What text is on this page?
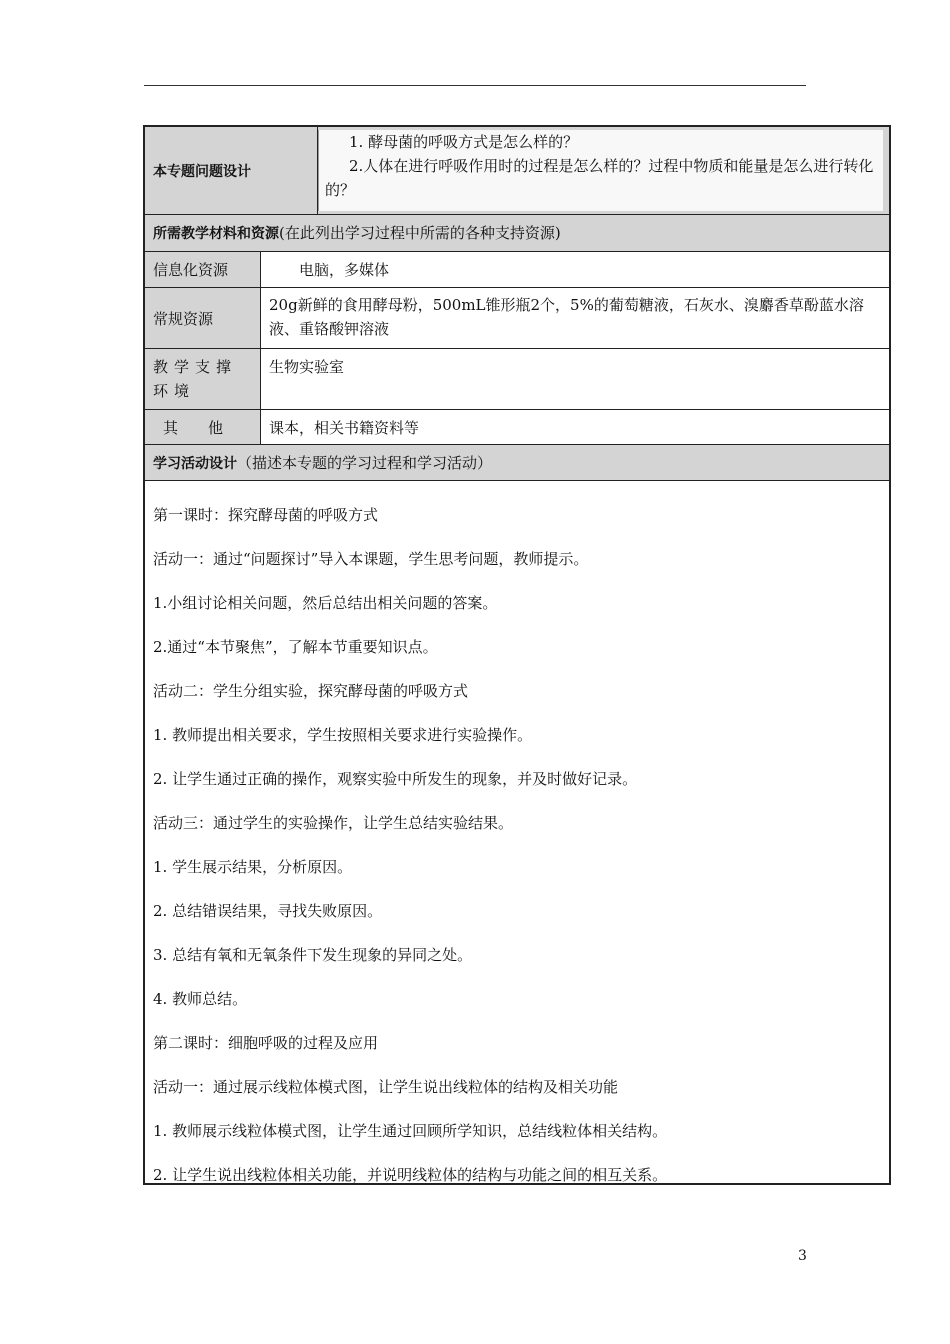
本专题问题设计
1. 酵母菌的呼吸方式是怎么样的？
2.人体在进行呼吸作用时的过程是怎么样的？过程中物质和能量是怎么进行转化的？
所需教学材料和资源(在此列出学习过程中所需的各种支持资源)
信息化资源	　　电脑，多媒体
常规资源
20g新鲜的食用酵母粉，500mL锥形瓶2个，5%的葡萄糖液，石灰水、溴麝香草酚蓝水溶液、重铬酸钾溶液
教学支撑环境
生物实验室
其　　他	课本，相关书籍资料等
学习活动设计（描述本专题的学习过程和学习活动）
第一课时：探究酵母菌的呼吸方式
活动一：通过“问题探讨”导入本课题，学生思考问题，教师提示。
1.小组讨论相关问题，然后总结出相关问题的答案。
2.通过“本节聚焦”，了解本节重要知识点。
活动二：学生分组实验，探究酵母菌的呼吸方式
1. 教师提出相关要求，学生按照相关要求进行实验操作。
2. 让学生通过正确的操作，观察实验中所发生的现象，并及时做好记录。
活动三：通过学生的实验操作，让学生总结实验结果。
1. 学生展示结果，分析原因。
2. 总结错误结果，寻找失败原因。
3. 总结有氧和无氧条件下发生现象的异同之处。
4. 教师总结。
第二课时：细胞呼吸的过程及应用
活动一：通过展示线粒体模式图，让学生说出线粒体的结构及相关功能
1. 教师展示线粒体模式图，让学生通过回顾所学知识，总结线粒体相关结构。
2. 让学生说出线粒体相关功能，并说明线粒体的结构与功能之间的相互关系。
3
